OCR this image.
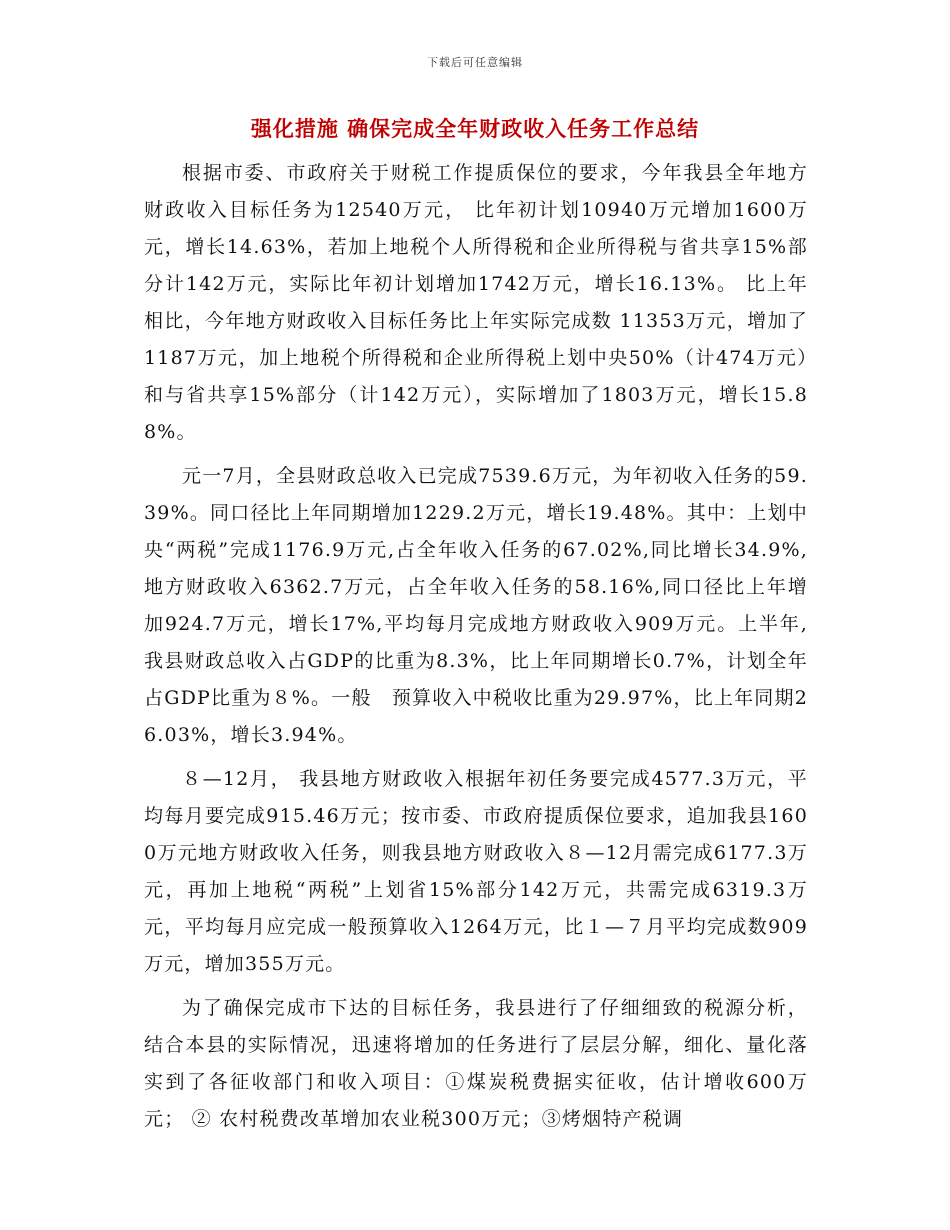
下载后可任意编辑
强化措施 确保完成全年财政收入任务工作总结

根据市委、市政府关于财税工作提质保位的要求，今年我县全年地方财政收入目标任务为12540万元， 比年初计划10940万元增加1600万元，增长14.63%，若加上地税个人所得税和企业所得税与省共享15%部分计142万元，实际比年初计划增加1742万元，增长16.13%。 比上年相比，今年地方财政收入目标任务比上年实际完成数 11353万元，增加了1187万元，加上地税个所得税和企业所得税上划中央50%（计474万元）和与省共享15%部分（计142万元），实际增加了1803万元，增长15.88%。

元一7月，全县财政总收入已完成7539.6万元，为年初收入任务的59.39%。同口径比上年同期增加1229.2万元，增长19.48%。其中：上划中央“两税”完成1176.9万元,占全年收入任务的67.02%,同比增长34.9%,地方财政收入6362.7万元，占全年收入任务的58.16%,同口径比上年增加924.7万元，增长17%,平均每月完成地方财政收入909万元。上半年,我县财政总收入占GDP的比重为8.3%，比上年同期增长0.7%，计划全年占GDP比重为８%。一般　预算收入中税收比重为29.97%，比上年同期26.03%，增长3.94%。

８—12月， 我县地方财政收入根据年初任务要完成4577.3万元，平均每月要完成915.46万元；按市委、市政府提质保位要求，追加我县1600万元地方财政收入任务，则我县地方财政收入８—12月需完成6177.3万元，再加上地税“两税”上划省15%部分142万元，共需完成6319.3万元，平均每月应完成一般预算收入1264万元，比１—７月平均完成数909万元，增加355万元。

为了确保完成市下达的目标任务，我县进行了仔细细致的税源分析，结合本县的实际情况，迅速将增加的任务进行了层层分解，细化、量化落实到了各征收部门和收入项目：①煤炭税费据实征收，估计增收600万元； ② 农村税费改革增加农业税300万元；③烤烟特产税调
